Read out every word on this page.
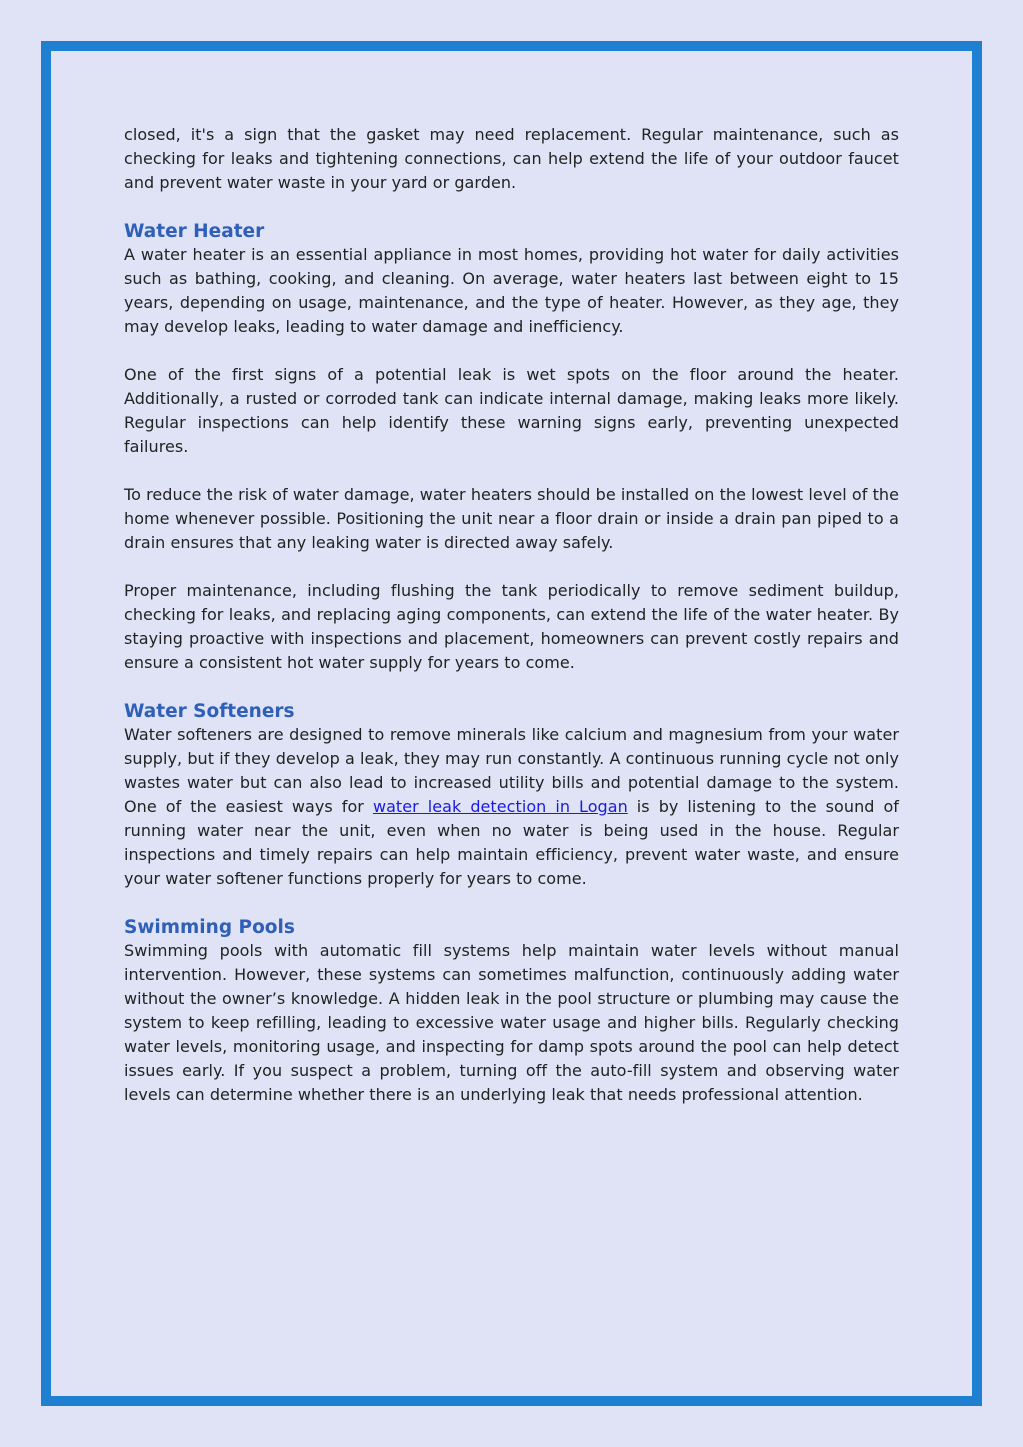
closed, it's a sign that the gasket may need replacement. Regular maintenance, such as checking for leaks and tightening connections, can help extend the life of your outdoor faucet and prevent water waste in your yard or garden.

Water Heater

A water heater is an essential appliance in most homes, providing hot water for daily activities such as bathing, cooking, and cleaning. On average, water heaters last between eight to 15 years, depending on usage, maintenance, and the type of heater. However, as they age, they may develop leaks, leading to water damage and inefficiency.

One of the first signs of a potential leak is wet spots on the floor around the heater. Additionally, a rusted or corroded tank can indicate internal damage, making leaks more likely. Regular inspections can help identify these warning signs early, preventing unexpected failures.

To reduce the risk of water damage, water heaters should be installed on the lowest level of the home whenever possible. Positioning the unit near a floor drain or inside a drain pan piped to a drain ensures that any leaking water is directed away safely.

Proper maintenance, including flushing the tank periodically to remove sediment buildup, checking for leaks, and replacing aging components, can extend the life of the water heater. By staying proactive with inspections and placement, homeowners can prevent costly repairs and ensure a consistent hot water supply for years to come.

Water Softeners

Water softeners are designed to remove minerals like calcium and magnesium from your water supply, but if they develop a leak, they may run constantly. A continuous running cycle not only wastes water but can also lead to increased utility bills and potential damage to the system. One of the easiest ways for water leak detection in Logan is by listening to the sound of running water near the unit, even when no water is being used in the house. Regular inspections and timely repairs can help maintain efficiency, prevent water waste, and ensure your water softener functions properly for years to come.

Swimming Pools

Swimming pools with automatic fill systems help maintain water levels without manual intervention. However, these systems can sometimes malfunction, continuously adding water without the owner’s knowledge. A hidden leak in the pool structure or plumbing may cause the system to keep refilling, leading to excessive water usage and higher bills. Regularly checking water levels, monitoring usage, and inspecting for damp spots around the pool can help detect issues early. If you suspect a problem, turning off the auto-fill system and observing water levels can determine whether there is an underlying leak that needs professional attention.
